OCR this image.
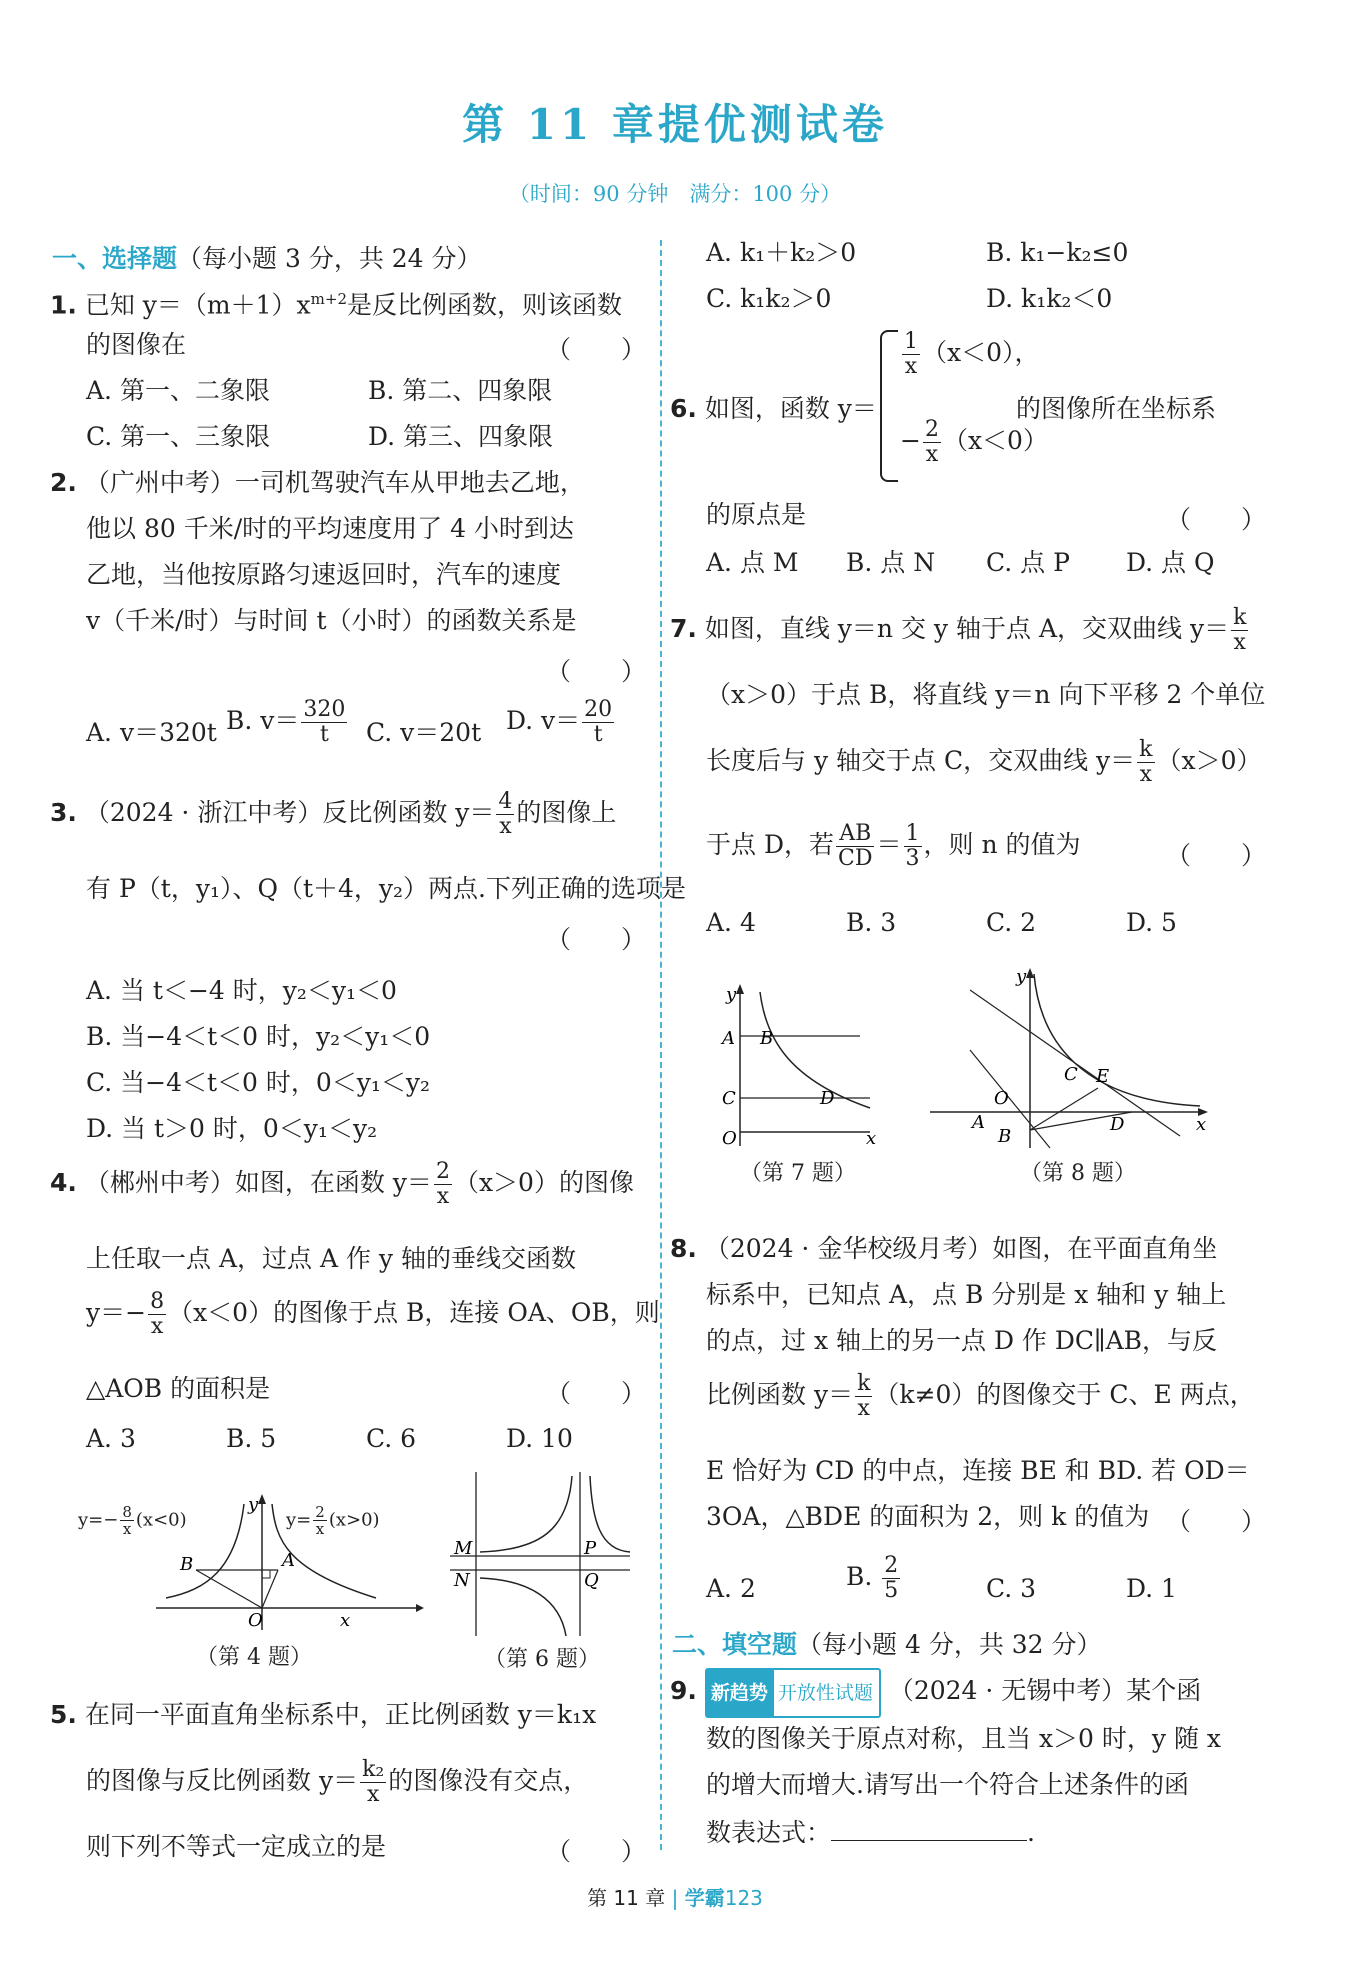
第 11 章提优测试卷
（时间：90 分钟　满分：100 分）
一、选择题（每小题 3 分，共 24 分）
1. 已知 $y=(m+1)x^{m+2}$是反比例函数，则该函数
的图像在	（　　）
A. 第一、二象限	B. 第二、四象限
C. 第一、三象限	D. 第三、四象限
2. （广州中考）一司机驾驶汽车从甲地去乙地，
他以 80 千米/时的平均速度用了 4 小时到达
乙地，当他按原路匀速返回时，汽车的速度
v（千米/时）与时间 t（小时）的函数关系是
（　　）
A. v＝320t B. $v= \frac{320}{t} C$. v＝20t D. $v= \frac{20}{t}$
3. （2024 · 浙江中考）反比例函数 $y= \frac{4}{x}$ 的图像上
有 P（t，y₁）、Q（t＋4，y₂）两点.下列正确的选项是
（　　）
A. 当 t＜−4 时，y₂＜y₁＜0
B. 当−4＜t＜0 时，y₂＜y₁＜0
C. 当−4＜t＜0 时，0＜y₁＜y₂
D. 当 t＞0 时，0＜y₁＜y₂
4. （郴州中考）如图，在函数 $y= \frac{2}{x} (x>0)$的图像
上任取一点 A，过点 A 作 y 轴的垂线交函数
$y=- \frac{8}{x} (x<0)$的图像于点 B，连接 OA、OB，则
△AOB 的面积是	（　　）
A. 3	B. 5	C. 6	D. 10
B	A
O	x
y
$y=- \frac{8}{x} (x<0)$	$y= \frac{2}{x} (x>0)$
（第 4 题）
M
N
P
Q
（第 6 题）
5. 在同一平面直角坐标系中，正比例函数 y＝k₁x
的图像与反比例函数 $y= \frac{\text{k₂}}{x}$ 的图像没有交点，
则下列不等式一定成立的是	（　　）
A. k₁＋k₂＞0	B. k₁−k₂≤0
C. k₁k₂＞0	D. k₁k₂＜0
6. 如图，函数 y＝
$\frac{1}{x} (x<0)$，
− $\frac{2}{x} (x<0)$
的图像所在坐标系
的原点是	（　　）
A. 点 M B. 点 N C. 点 P D. 点 Q
7. 如图，直线 y＝n 交 y 轴于点 A，交双曲线 $y= \frac{k}{x}$
（x＞0）于点 B，将直线 y＝n 向下平移 2 个单位
长度后与 y 轴交于点 C，交双曲线 $y= \frac{k}{x} (x>0)$
于点 D，若 $\frac{AB}{CD} = \frac{1}{3}$ ，则 n 的值为	（　　）
A. 4	B. 3	C. 2	D. 5
y
A B
C	D
O	x
（第 7 题）
y
C E
O
A
B
D	x
（第 8 题）
8. （2024 · 金华校级月考）如图，在平面直角坐
标系中，已知点 A，点 B 分别是 x 轴和 y 轴上
的点，过 x 轴上的另一点 D 作 DC∥AB，与反
比例函数 $y= \frac{k}{x} (k\ne 0)$的图像交于 C、E 两点，
E 恰好为 CD 的中点，连接 BE 和 BD. 若 OD＝
3OA，△BDE 的面积为 2，则 k 的值为 （　　）
A. 2	B. $\frac{2}{5}$	C. 3	D. 1
二、填空题（每小题 4 分，共 32 分）
9. 新趋势 开放性试题 （2024 · 无锡中考）某个函
数的图像关于原点对称，且当 x＞0 时，y 随 x
的增大而增大.请写出一个符合上述条件的函
数表达式：	.
第 11 章 | 学霸123
